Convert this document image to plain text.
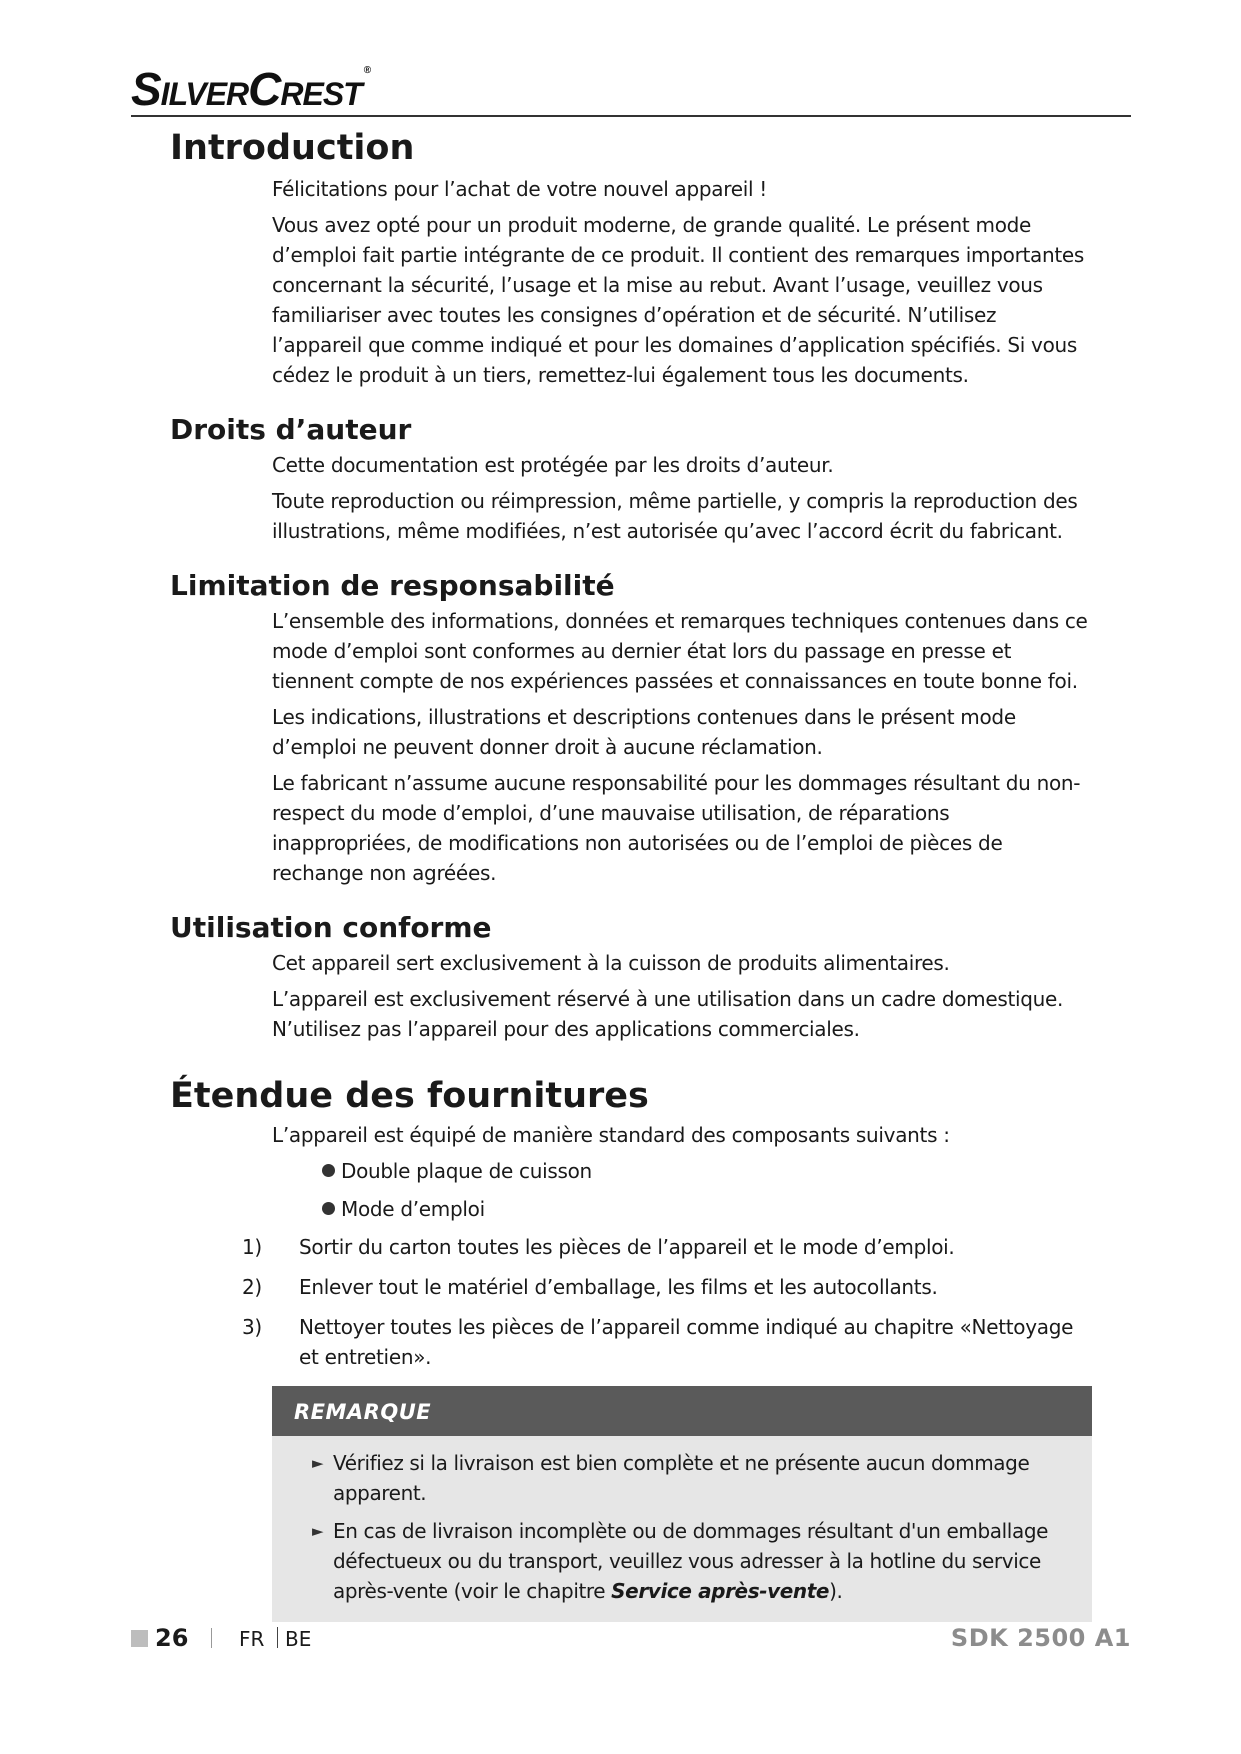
SilverCrest ®
Introduction

Félicitations pour l’achat de votre nouvel appareil !

Vous avez opté pour un produit moderne, de grande qualité. Le présent mode d’emploi fait partie intégrante de ce produit. Il contient des remarques importantes concernant la sécurité, l’usage et la mise au rebut. Avant l’usage, veuillez vous familiariser avec toutes les consignes d’opération et de sécurité. N’utilisez l’appareil que comme indiqué et pour les domaines d’application spécifiés. Si vous cédez le produit à un tiers, remettez-lui également tous les documents.

Droits d’auteur

Cette documentation est protégée par les droits d’auteur.

Toute reproduction ou réimpression, même partielle, y compris la reproduction des illustrations, même modifiées, n’est autorisée qu’avec l’accord écrit du fabricant.

Limitation de responsabilité

L’ensemble des informations, données et remarques techniques contenues dans ce mode d’emploi sont conformes au dernier état lors du passage en presse et tiennent compte de nos expériences passées et connaissances en toute bonne foi.

Les indications, illustrations et descriptions contenues dans le présent mode d’emploi ne peuvent donner droit à aucune réclamation.

Le fabricant n’assume aucune responsabilité pour les dommages résultant du non-respect du mode d’emploi, d’une mauvaise utilisation, de réparations inappropriées, de modifications non autorisées ou de l’emploi de pièces de rechange non agréées.

Utilisation conforme

Cet appareil sert exclusivement à la cuisson de produits alimentaires.

L’appareil est exclusivement réservé à une utilisation dans un cadre domestique. N’utilisez pas l’appareil pour des applications commerciales.

Étendue des fournitures

L’appareil est équipé de manière standard des composants suivants :

Double plaque de cuisson
Mode d’emploi
1)	Sortir du carton toutes les pièces de l’appareil et le mode d’emploi.
2)	Enlever tout le matériel d’emballage, les films et les autocollants.
3)	Nettoyer toutes les pièces de l’appareil comme indiqué au chapitre «Nettoyage et entretien».
REMARQUE
► Vérifiez si la livraison est bien complète et ne présente aucun dommage apparent.
► En cas de livraison incomplète ou de dommages résultant d'un emballage défectueux ou du transport, veuillez vous adresser à la hotline du service après-vente (voir le chapitre Service après-vente).
26	FR BE	SDK 2500 A1
